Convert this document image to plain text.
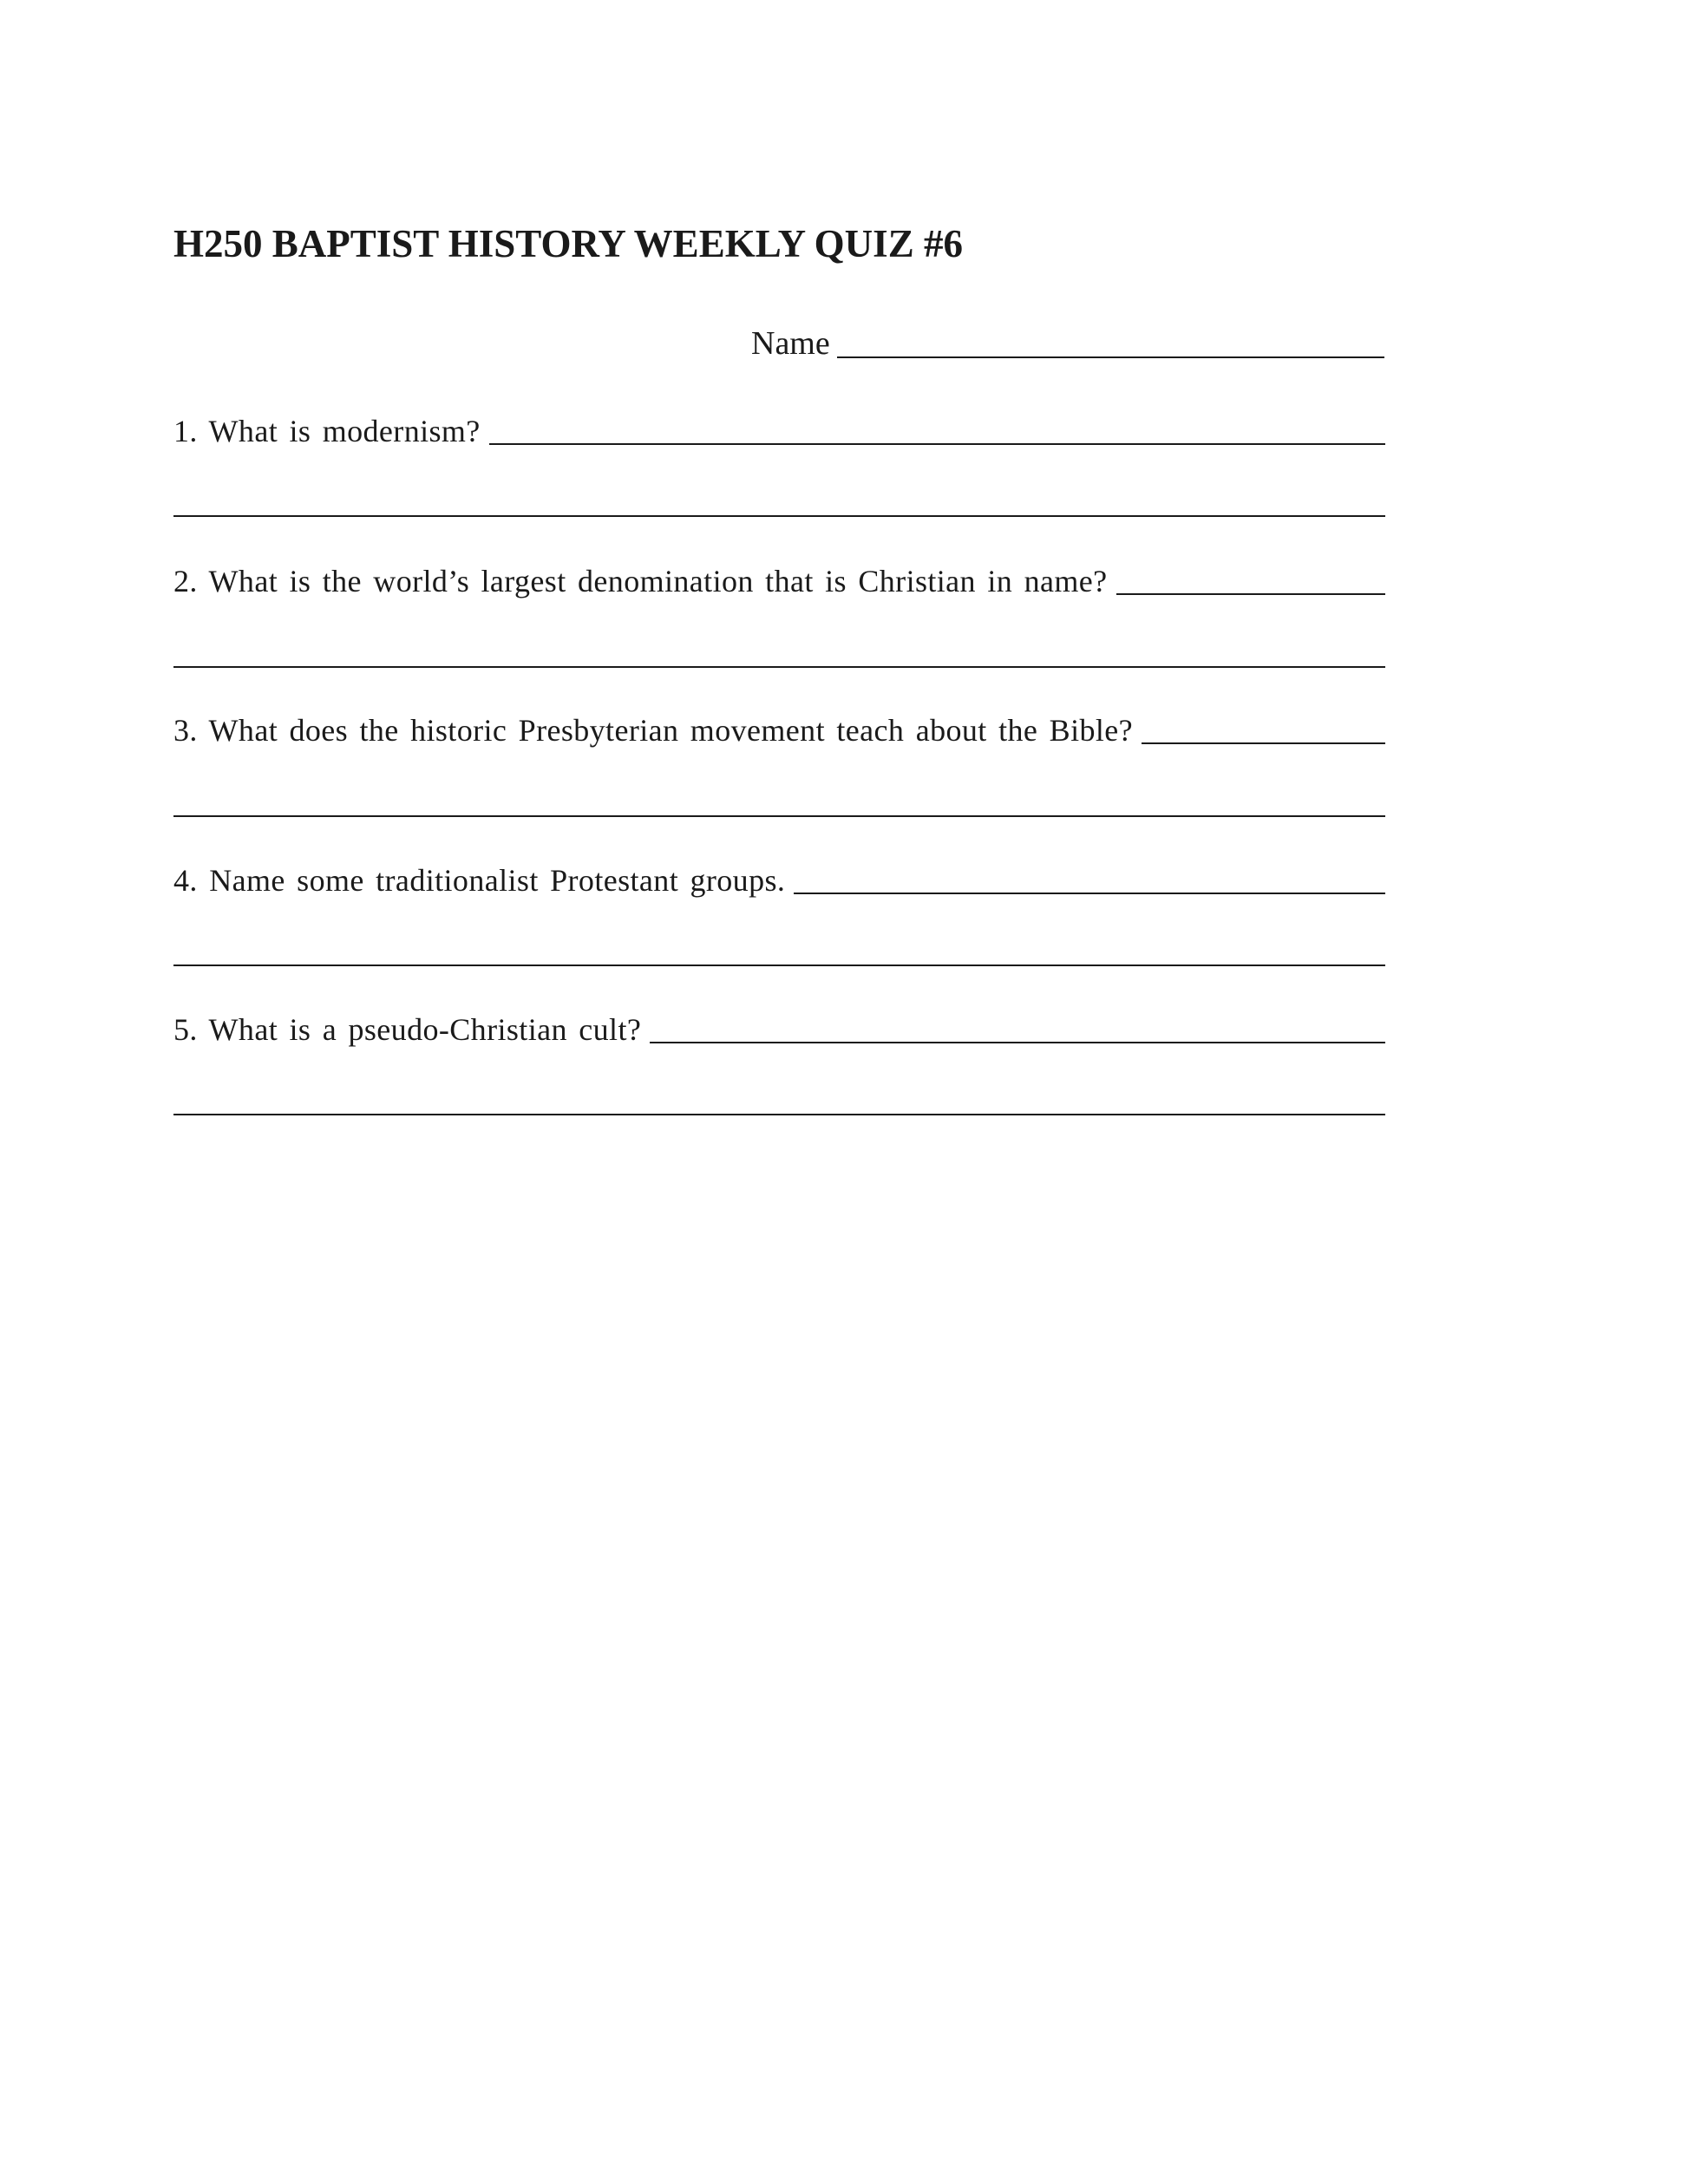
H250 BAPTIST HISTORY WEEKLY QUIZ #6
Name
1. What is modernism?
2. What is the world’s largest denomination that is Christian in name?
3. What does the historic Presbyterian movement teach about the Bible?
4. Name some traditionalist Protestant groups.
5. What is a pseudo-Christian cult?
